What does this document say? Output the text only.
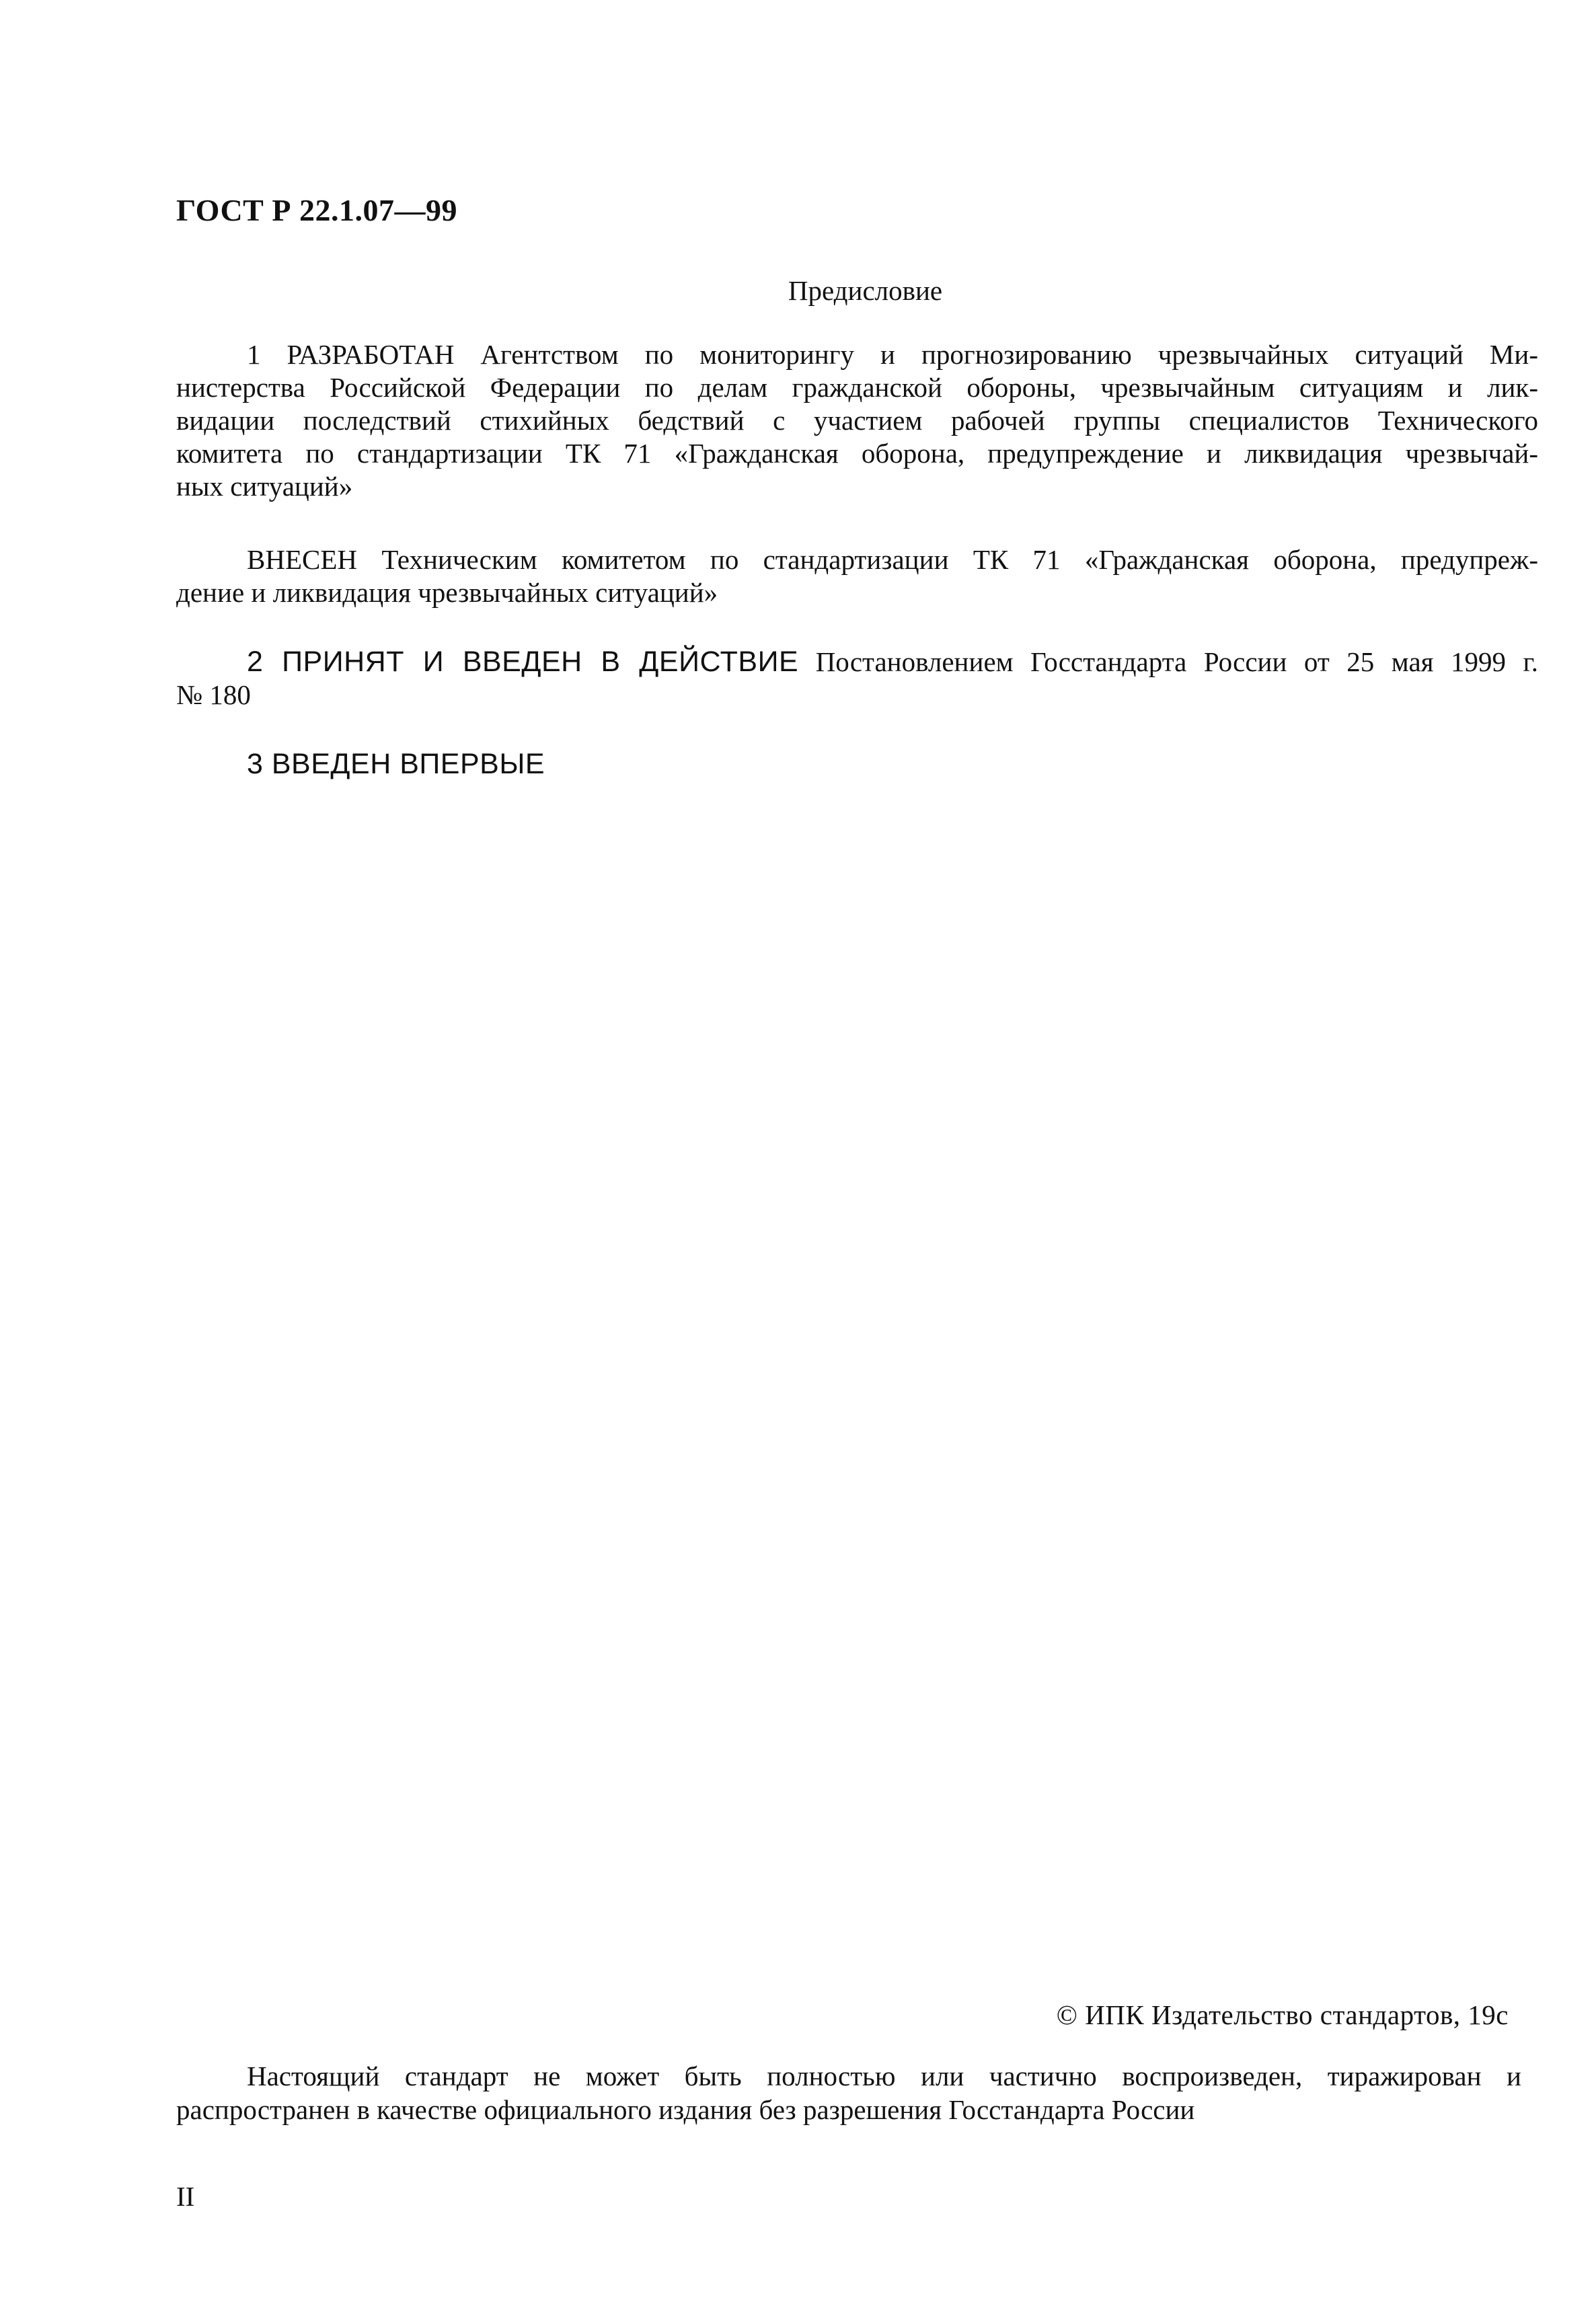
ГОСТ Р 22.1.07—99
Предисловие
1 РАЗРАБОТАН Агентством по мониторингу и прогнозированию чрезвычайных ситуаций Ми-
нистерства Российской Федерации по делам гражданской обороны, чрезвычайным ситуациям и лик-
видации последствий стихийных бедствий с участием рабочей группы специалистов Технического
комитета по стандартизации ТК 71 «Гражданская оборона, предупреждение и ликвидация чрезвычай-
ных ситуаций»
ВНЕСЕН Техническим комитетом по стандартизации ТК 71 «Гражданская оборона, предупреж-
дение и ликвидация чрезвычайных ситуаций»
2 ПРИНЯТ И ВВЕДЕН В ДЕЙСТВИЕ Постановлением Госстандарта России от 25 мая 1999 г.
№ 180
3 ВВЕДЕН ВПЕРВЫЕ
© ИПК Издательство стандартов, 19с
Настоящий стандарт не может быть полностью или частично воспроизведен, тиражирован и
распространен в качестве официального издания без разрешения Госстандарта России
II
